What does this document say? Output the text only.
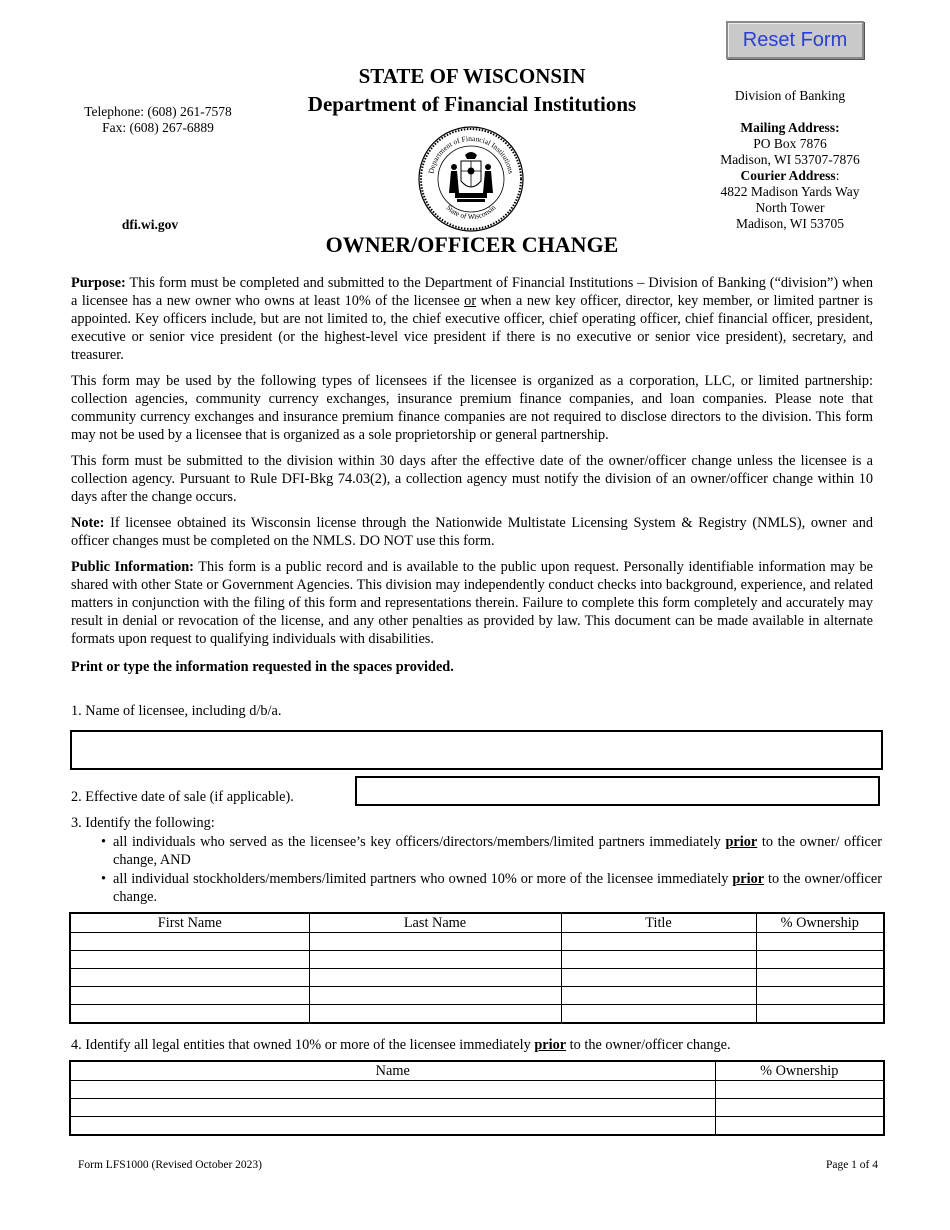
Reset Form
Telephone: (608) 261-7578
Fax: (608) 267-6889
dfi.wi.gov
STATE OF WISCONSIN
Department of Financial Institutions
Department of Financial Institutions
State of Wisconsin
OWNER/OFFICER CHANGE
Division of Banking
Mailing Address:
PO Box 7876
Madison, WI 53707-7876
Courier Address:
4822 Madison Yards Way
North Tower
Madison, WI 53705

Purpose: This form must be completed and submitted to the Department of Financial Institutions – Division of Banking (“division”) when a licensee has a new owner who owns at least 10% of the licensee or when a new key officer, director, key member, or limited partner is appointed. Key officers include, but are not limited to, the chief executive officer, chief operating officer, chief financial officer, president, executive or senior vice president (or the highest-level vice president if there is no executive or senior vice president), secretary, and treasurer.

This form may be used by the following types of licensees if the licensee is organized as a corporation, LLC, or limited partnership: collection agencies, community currency exchanges, insurance premium finance companies, and loan companies. Please note that community currency exchanges and insurance premium finance companies are not required to disclose directors to the division. This form may not be used by a licensee that is organized as a sole proprietorship or general partnership.

This form must be submitted to the division within 30 days after the effective date of the owner/officer change unless the licensee is a collection agency. Pursuant to Rule DFI-Bkg 74.03(2), a collection agency must notify the division of an owner/officer change within 10 days after the change occurs.

Note: If licensee obtained its Wisconsin license through the Nationwide Multistate Licensing System & Registry (NMLS), owner and officer changes must be completed on the NMLS. DO NOT use this form.

Public Information: This form is a public record and is available to the public upon request. Personally identifiable information may be shared with other State or Government Agencies. This division may independently conduct checks into background, experience, and related matters in conjunction with the filing of this form and representations therein. Failure to complete this form completely and accurately may result in denial or revocation of the license, and any other penalties as provided by law. This document can be made available in alternate formats upon request to qualifying individuals with disabilities.

Print or type the information requested in the spaces provided.

1. Name of licensee, including d/b/a.
2. Effective date of sale (if applicable).
3. Identify the following:
• all individuals who served as the licensee’s key officers/directors/members/limited partners immediately prior to the owner/ officer change, AND
• all individual stockholders/members/limited partners who owned 10% or more of the licensee immediately prior to the owner/officer change.
First Name	Last Name	Title	% Ownership

4. Identify all legal entities that owned 10% or more of the licensee immediately prior to the owner/officer change.
Name	% Ownership

Form LFS1000 (Revised October 2023)	Page 1 of 4
